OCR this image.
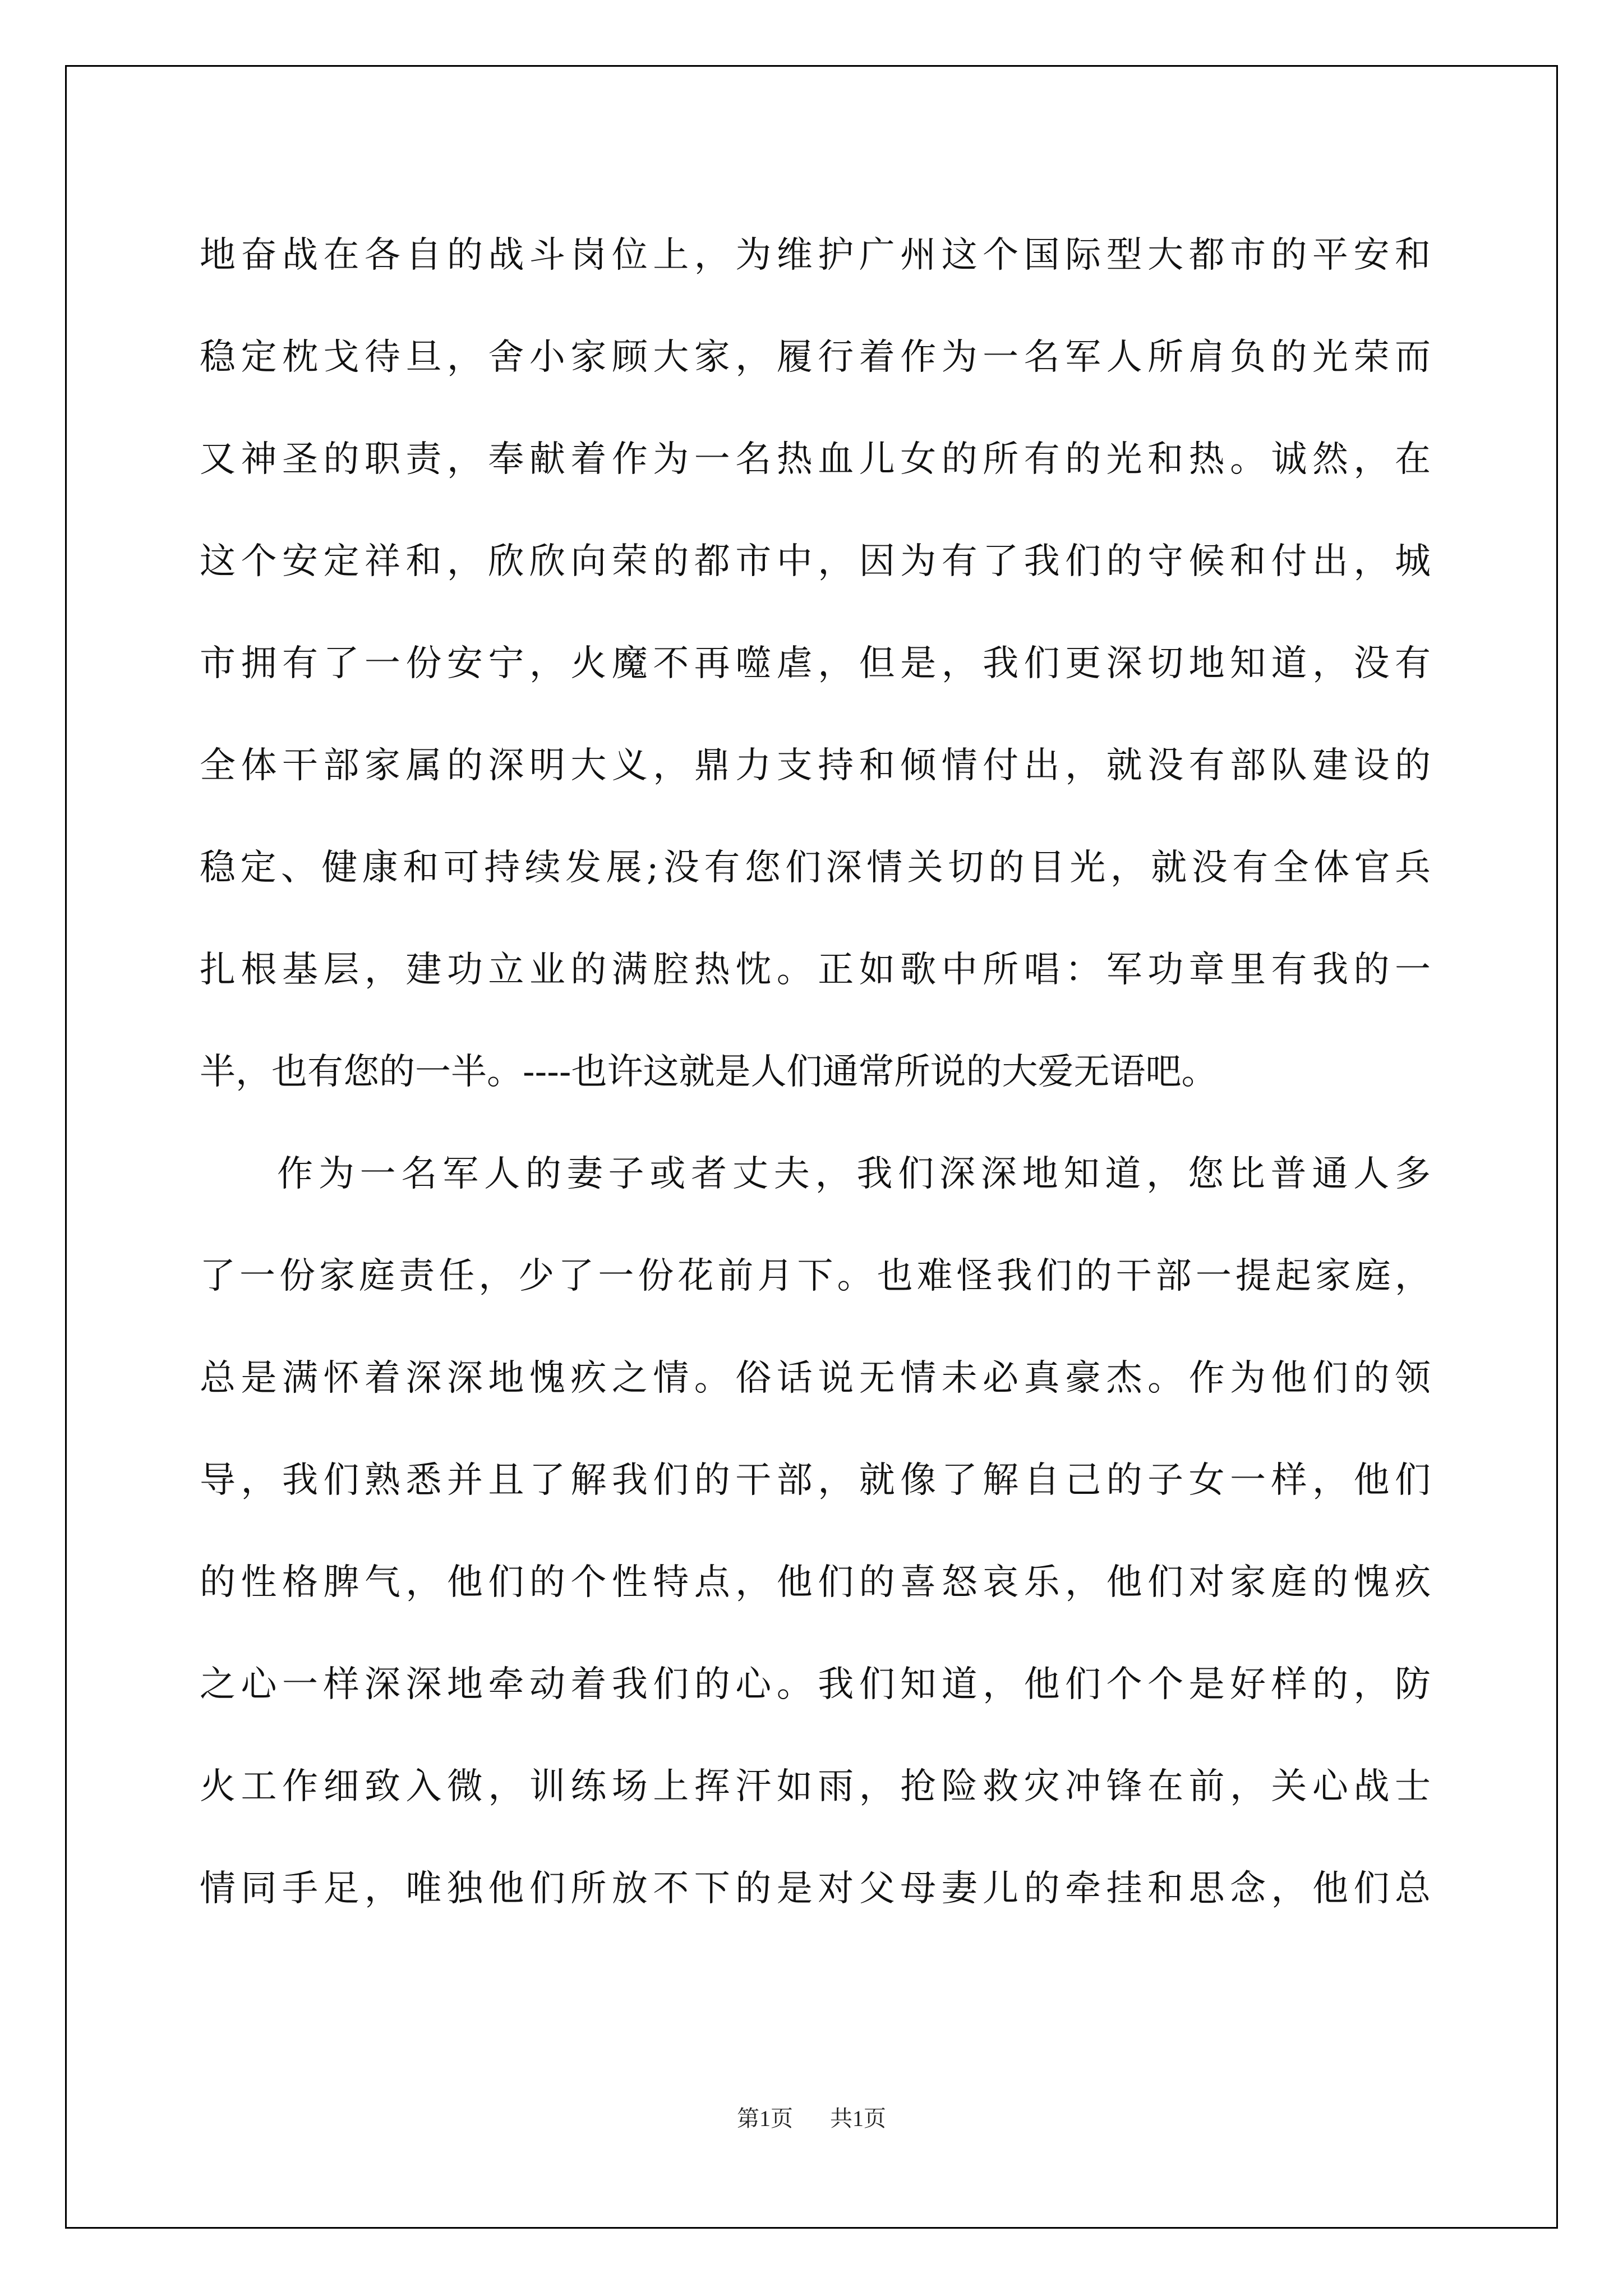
地奋战在各自的战斗岗位上，为维护广州这个国际型大都市的平安和
稳定枕戈待旦，舍小家顾大家，履行着作为一名军人所肩负的光荣而
又神圣的职责，奉献着作为一名热血儿女的所有的光和热。诚然，在
这个安定祥和，欣欣向荣的都市中，因为有了我们的守候和付出，城
市拥有了一份安宁，火魔不再噬虐，但是，我们更深切地知道，没有
全体干部家属的深明大义，鼎力支持和倾情付出，就没有部队建设的
稳定、健康和可持续发展;没有您们深情关切的目光，就没有全体官兵
扎根基层，建功立业的满腔热忱。正如歌中所唱：军功章里有我的一
半，也有您的一半。----也许这就是人们通常所说的大爱无语吧。
作为一名军人的妻子或者丈夫，我们深深地知道，您比普通人多
了一份家庭责任，少了一份花前月下。也难怪我们的干部一提起家庭，
总是满怀着深深地愧疚之情。俗话说无情未必真豪杰。作为他们的领
导，我们熟悉并且了解我们的干部，就像了解自己的子女一样，他们
的性格脾气，他们的个性特点，他们的喜怒哀乐，他们对家庭的愧疚
之心一样深深地牵动着我们的心。我们知道，他们个个是好样的，防
火工作细致入微，训练场上挥汗如雨，抢险救灾冲锋在前，关心战士
情同手足，唯独他们所放不下的是对父母妻儿的牵挂和思念，他们总
第1页 共1页
